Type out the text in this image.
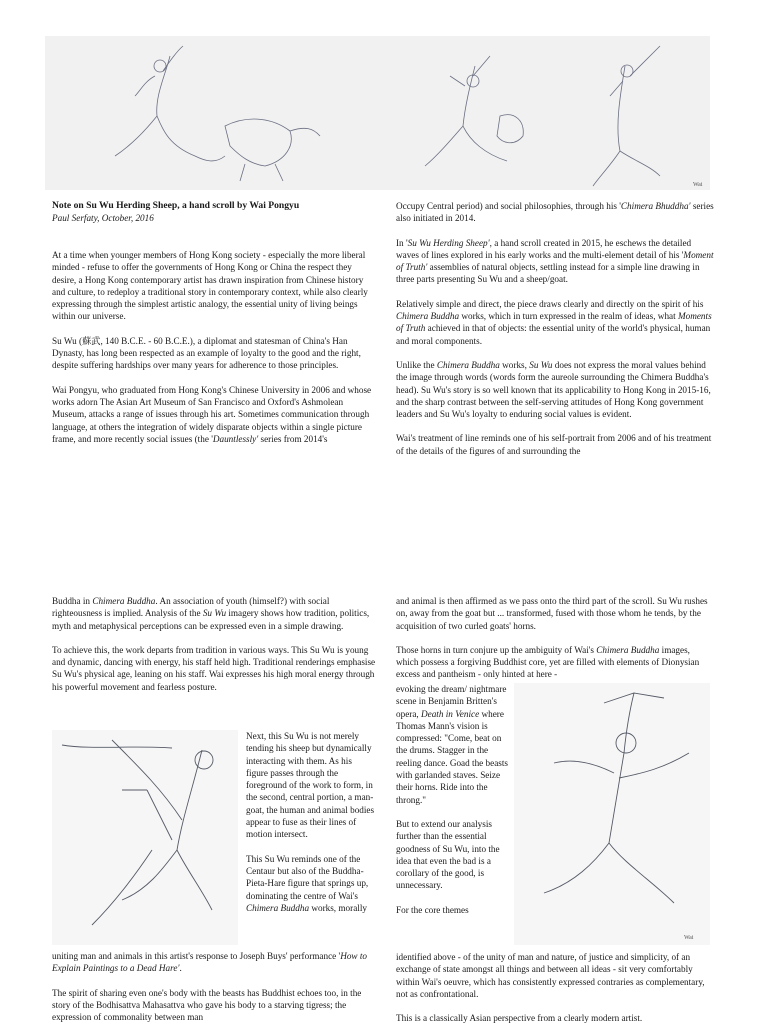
Wai

Note on Su Wu Herding Sheep, a hand scroll by Wai Pongyu

Paul Serfaty, October, 2016

At a time when younger members of Hong Kong society - especially the more liberal minded - refuse to offer the governments of Hong Kong or China the respect they desire, a Hong Kong contemporary artist has drawn inspiration from Chinese history and culture, to redeploy a traditional story in contemporary context, while also clearly expressing through the simplest artistic analogy, the essential unity of living beings within our universe.

Su Wu (蘇武, 140 B.C.E. - 60 B.C.E.), a diplomat and statesman of China's Han Dynasty, has long been respected as an example of loyalty to the good and the right, despite suffering hardships over many years for adherence to those principles.

Wai Pongyu, who graduated from Hong Kong's Chinese University in 2006 and whose works adorn The Asian Art Museum of San Francisco and Oxford's Ashmolean Museum, attacks a range of issues through his art. Sometimes communication through language, at others the integration of widely disparate objects within a single picture frame, and more recently social issues (the 'Dauntlessly' series from 2014's

Occupy Central period) and social philosophies, through his 'Chimera Bhuddha' series also initiated in 2014.

In 'Su Wu Herding Sheep', a hand scroll created in 2015, he eschews the detailed waves of lines explored in his early works and the multi-element detail of his 'Moment of Truth' assemblies of natural objects, settling instead for a simple line drawing in three parts presenting Su Wu and a sheep/goat.

Relatively simple and direct, the piece draws clearly and directly on the spirit of his Chimera Buddha works, which in turn expressed in the realm of ideas, what Moments of Truth achieved in that of objects: the essential unity of the world's physical, human and moral components.

Unlike the Chimera Buddha works, Su Wu does not express the moral values behind the image through words (words form the aureole surrounding the Chimera Buddha's head). Su Wu's story is so well known that its applicability to Hong Kong in 2015-16, and the sharp contrast between the self-serving attitudes of Hong Kong government leaders and Su Wu's loyalty to enduring social values is evident.

Wai's treatment of line reminds one of his self-portrait from 2006 and of his treatment of the details of the figures of and surrounding the

Buddha in Chimera Buddha. An association of youth (himself?) with social righteousness is implied. Analysis of the Su Wu imagery shows how tradition, politics, myth and metaphysical perceptions can be expressed even in a simple drawing.

To achieve this, the work departs from tradition in various ways. This Su Wu is young and dynamic, dancing with energy, his staff held high. Traditional renderings emphasise Su Wu's physical age, leaning on his staff. Wai expresses his high moral energy through his powerful movement and fearless posture.

Next, this Su Wu is not merely tending his sheep but dynamically interacting with them. As his figure passes through the foreground of the work to form, in the second, central portion, a man-goat, the human and animal bodies appear to fuse as their lines of motion intersect.

This Su Wu reminds one of the Centaur but also of the Buddha-Pieta-Hare figure that springs up, dominating the centre of Wai's Chimera Buddha works, morally

uniting man and animals in this artist's response to Joseph Buys' performance 'How to Explain Paintings to a Dead Hare'.

The spirit of sharing even one's body with the beasts has Buddhist echoes too, in the story of the Bodhisattva Mahasattva who gave his body to a starving tigress; the expression of commonality between man

and animal is then affirmed as we pass onto the third part of the scroll. Su Wu rushes on, away from the goat but ... transformed, fused with those whom he tends, by the acquisition of two curled goats' horns.

Those horns in turn conjure up the ambiguity of Wai's Chimera Buddha images, which possess a forgiving Buddhist core, yet are filled with elements of Dionysian excess and pantheism - only hinted at here -

evoking the dream/ nightmare scene in Benjamin Britten's opera, Death in Venice where Thomas Mann's vision is compressed: "Come, beat on the drums. Stagger in the reeling dance. Goad the beasts with garlanded staves. Seize their horns. Ride into the throng."

But to extend our analysis further than the essential goodness of Su Wu, into the idea that even the bad is a corollary of the good, is unnecessary.

For the core themes

Wai

identified above - of the unity of man and nature, of justice and simplicity, of an exchange of state amongst all things and between all ideas - sit very comfortably within Wai's oeuvre, which has consistently expressed contraries as complementary, not as confrontational.

This is a classically Asian perspective from a clearly modern artist.
